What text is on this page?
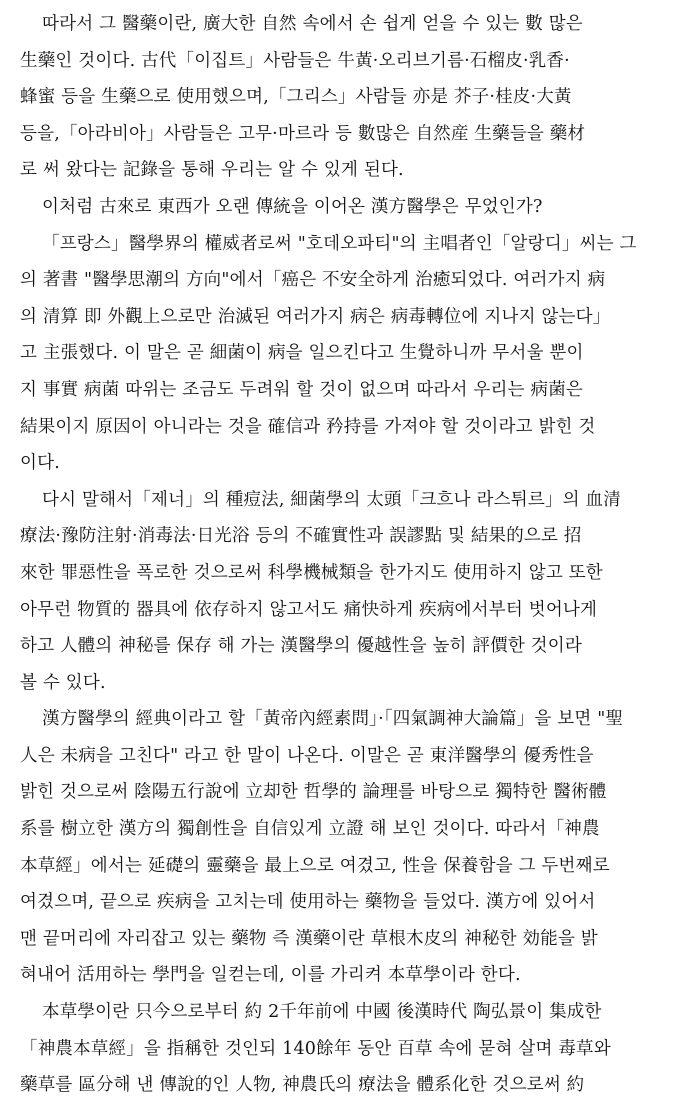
따라서 그 醫藥이란, 廣大한 自然 속에서 손 쉽게 얻을 수 있는 數 많은
生藥인 것이다. 古代「이집트」사람들은 牛黃·오리브기름·石榴皮·乳香·
蜂蜜 등을 生藥으로 使用했으며,「그리스」사람들 亦是 芥子·桂皮·大黃
등을,「아라비아」사람들은 고무·마르라 등 數많은 自然産 生藥들을 藥材
로 써 왔다는 記錄을 통해 우리는 알 수 있게 된다.
이처럼 古來로 東西가 오랜 傳統을 이어온 漢方醫學은 무었인가?
「프랑스」醫學界의 權威者로써 "호데오파티"의 主唱者인「알랑디」씨는 그
의 著書 "醫學思潮의 方向"에서「癌은 不安全하게 治癒되었다. 여러가지 病
의 清算 即 外觀上으로만 治滅된 여러가지 病은 病毒轉位에 지나지 않는다」
고 主張했다. 이 말은 곧 細菌이 病을 일으킨다고 生覺하니까 무서울 뿐이
지 事實 病菌 따위는 조금도 두려워 할 것이 없으며 따라서 우리는 病菌은
結果이지 原因이 아니라는 것을 確信과 矜持를 가져야 할 것이라고 밝힌 것
이다.
다시 말해서「제너」의 種痘法, 細菌學의 太頭「크흐나 라스튀르」의 血清
療法·豫防注射·消毒法·日光浴 등의 不確實性과 誤謬點 및 結果的으로 招
來한 罪惡性을 폭로한 것으로써 科學機械類을 한가지도 使用하지 않고 또한
아무런 物質的 器具에 依存하지 않고서도 痛快하게 疾病에서부터 벗어나게
하고 人體의 神秘를 保存 해 가는 漢醫學의 優越性을 높히 評價한 것이라
볼 수 있다.
漢方醫學의 經典이라고 할「黃帝內經素問」·「四氣調神大論篇」을 보면 "聖
人은 未病을 고친다" 라고 한 말이 나온다. 이말은 곧 東洋醫學의 優秀性을
밝힌 것으로써 陰陽五行說에 立却한 哲學的 論理를 바탕으로 獨特한 醫術體
系를 樹立한 漢方의 獨創性을 自信있게 立證 해 보인 것이다. 따라서「神農
本草經」에서는 延礎의 靈藥을 最上으로 여겼고, 性을 保養함을 그 두번째로
여겼으며, 끝으로 疾病을 고치는데 使用하는 藥物을 들었다. 漢方에 있어서
맨 끝머리에 자리잡고 있는 藥物 즉 漢藥이란 草根木皮의 神秘한 効能을 밝
혀내어 活用하는 學門을 일컫는데, 이를 가리켜 本草學이라 한다.
本草學이란 只今으로부터 約 2千年前에 中國 後漢時代 陶弘景이 集成한
「神農本草經」을 指稱한 것인되 140餘年 동안 百草 속에 묻혀 살며 毒草와
藥草를 區分해 낸 傳說的인 人物, 神農氏의 療法을 體系化한 것으로써 約
